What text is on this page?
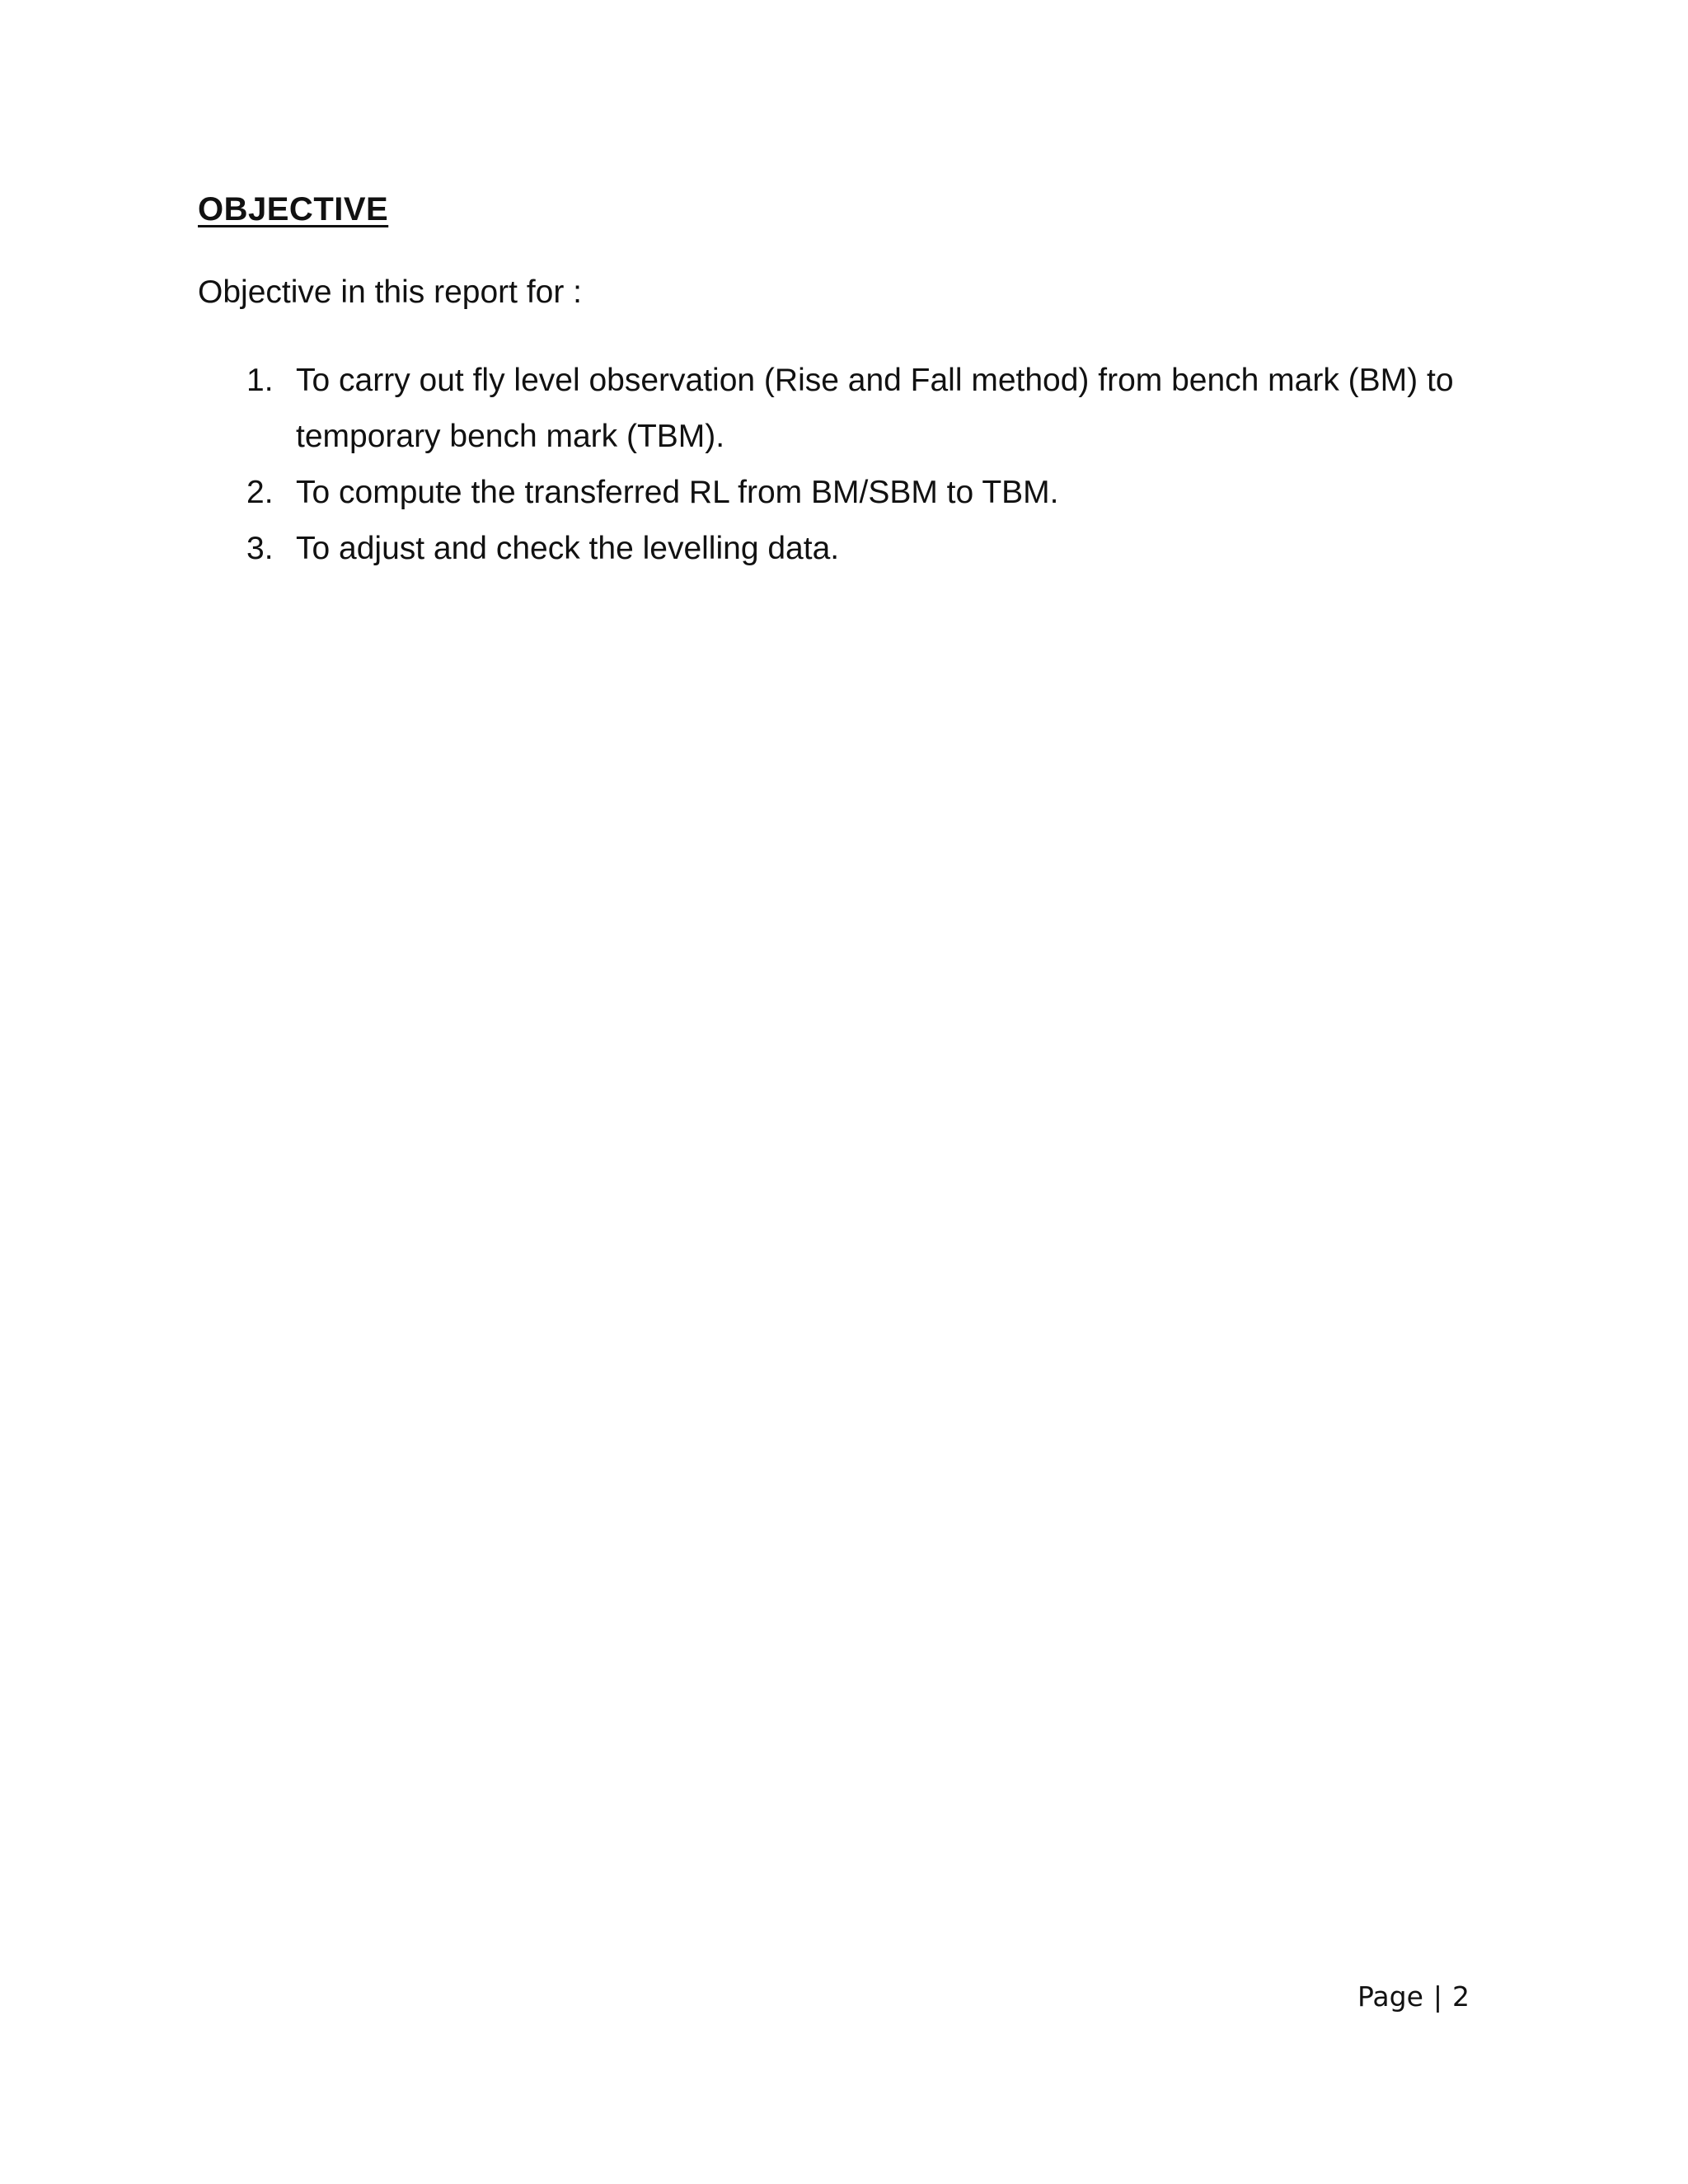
OBJECTIVE
Objective in this report for :
1. To carry out fly level observation (Rise and Fall method) from bench mark (BM) to temporary bench mark (TBM).
2. To compute the transferred RL from BM/SBM to TBM.
3. To adjust and check the levelling data.
Page | 2
